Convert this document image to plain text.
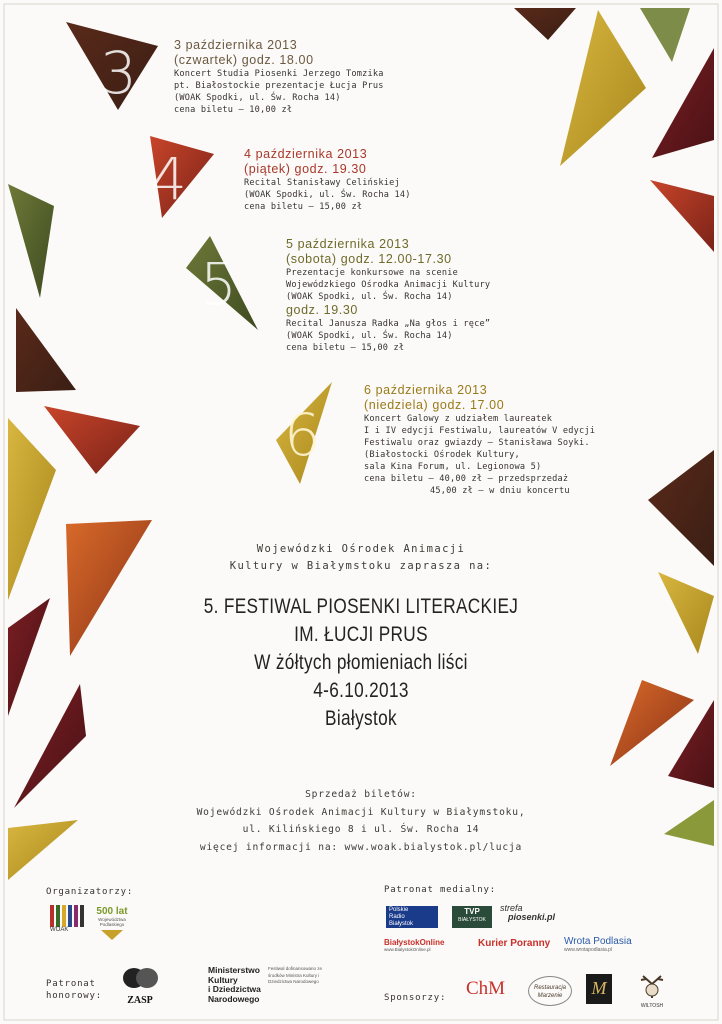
3
4
5
6
3 października 2013
(czwartek) godz. 18.00
Koncert Studia Piosenki Jerzego Tomzika
pt. Białostockie prezentacje Łucja Prus
(WOAK Spodki, ul. Św. Rocha 14)
cena biletu – 10,00 zł
4 października 2013
(piątek) godz. 19.30
Recital Stanisławy Celińskiej
(WOAK Spodki, ul. Św. Rocha 14)
cena biletu – 15,00 zł
5 października 2013
(sobota) godz. 12.00-17.30
Prezentacje konkursowe na scenie
Wojewódzkiego Ośrodka Animacji Kultury
(WOAK Spodki, ul. Św. Rocha 14)
godz. 19.30
Recital Janusza Radka „Na głos i ręce”
(WOAK Spodki, ul. Św. Rocha 14)
cena biletu – 15,00 zł
6 października 2013
(niedziela) godz. 17.00
Koncert Galowy z udziałem laureatek
I i IV edycji Festiwalu, laureatów V edycji
Festiwalu oraz gwiazdy – Stanisława Soyki.
(Białostocki Ośrodek Kultury,
sala Kina Forum, ul. Legionowa 5)
cena biletu – 40,00 zł – przedsprzedaż
45,00 zł – w dniu koncertu
Wojewódzki Ośrodek Animacji
Kultury w Białymstoku zaprasza na:
5. FESTIWAL PIOSENKI LITERACKIEJ
IM. ŁUCJI PRUS
W żółtych płomieniach liści
4-6.10.2013
Białystok
Sprzedaż biletów:
Wojewódzki Ośrodek Animacji Kultury w Białymstoku,
ul. Kilińskiego 8 i ul. Św. Rocha 14
więcej informacji na: www.woak.bialystok.pl/lucja
Organizatorzy:
Patronat
honorowy:
Patronat medialny:
Sponsorzy:
WOAK
500 lat
Województwa Podlaskiego
ZASP
Ministerstwo
Kultury
i Dziedzictwa
Narodowego
Festiwal dofinansowano ze środków Ministra Kultury i Dziedzictwa Narodowego
Polskie
Radio
Białystok
TVP
BIAŁYSTOK
strefa
piosenki.pl
BiałystokOnline
www.BialystokOnline.pl
Kurier Poranny Wrota Podlasia
www.wrotapodlasia.pl
ChM	Restauracja Marzenie	M
WILTOSH
